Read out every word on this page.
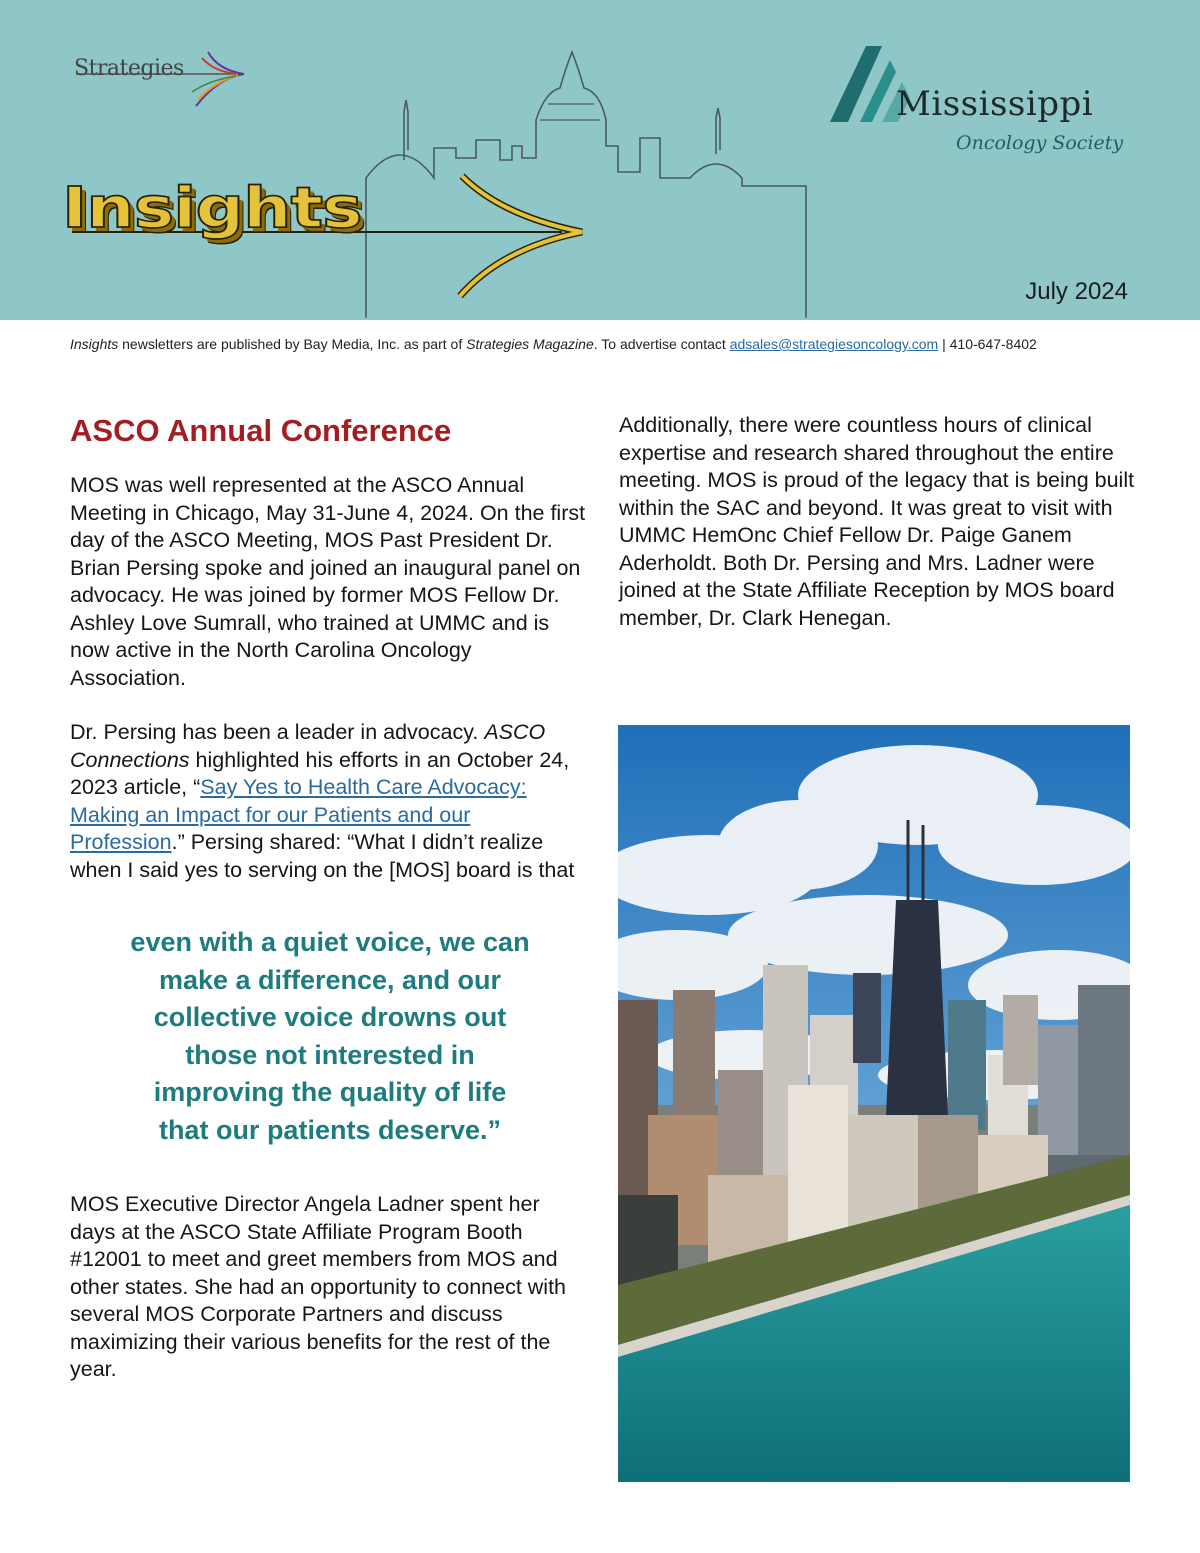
Strategies
Insights
Mississippi
Oncology Society
July 2024
Insights newsletters are published by Bay Media, Inc. as part of Strategies Magazine. To advertise contact adsales@strategiesoncology.com | 410-647-8402
ASCO Annual Conference

MOS was well represented at the ASCO Annual Meeting in Chicago, May 31-June 4, 2024. On the first day of the ASCO Meeting, MOS Past President Dr. Brian Persing spoke and joined an inaugural panel on advocacy. He was joined by former MOS Fellow Dr. Ashley Love Sumrall, who trained at UMMC and is now active in the North Carolina Oncology Association.

Dr. Persing has been a leader in advocacy. ASCO Connections highlighted his efforts in an October 24, 2023 article, “Say Yes to Health Care Advocacy: Making an Impact for our Patients and our Profession.” Persing shared: “What I didn’t realize when I said yes to serving on the [MOS] board is that

even with a quiet voice, we can make a difference, and our collective voice drowns out those not interested in improving the quality of life that our patients deserve.”

MOS Executive Director Angela Ladner spent her days at the ASCO State Affiliate Program Booth #12001 to meet and greet members from MOS and other states. She had an opportunity to connect with several MOS Corporate Partners and discuss maximizing their various benefits for the rest of the year.

Additionally, there were countless hours of clinical expertise and research shared throughout the entire meeting. MOS is proud of the legacy that is being built within the SAC and beyond. It was great to visit with UMMC HemOnc Chief Fellow Dr. Paige Ganem Aderholdt. Both Dr. Persing and Mrs. Ladner were joined at the State Affiliate Reception by MOS board member, Dr. Clark Henegan.
